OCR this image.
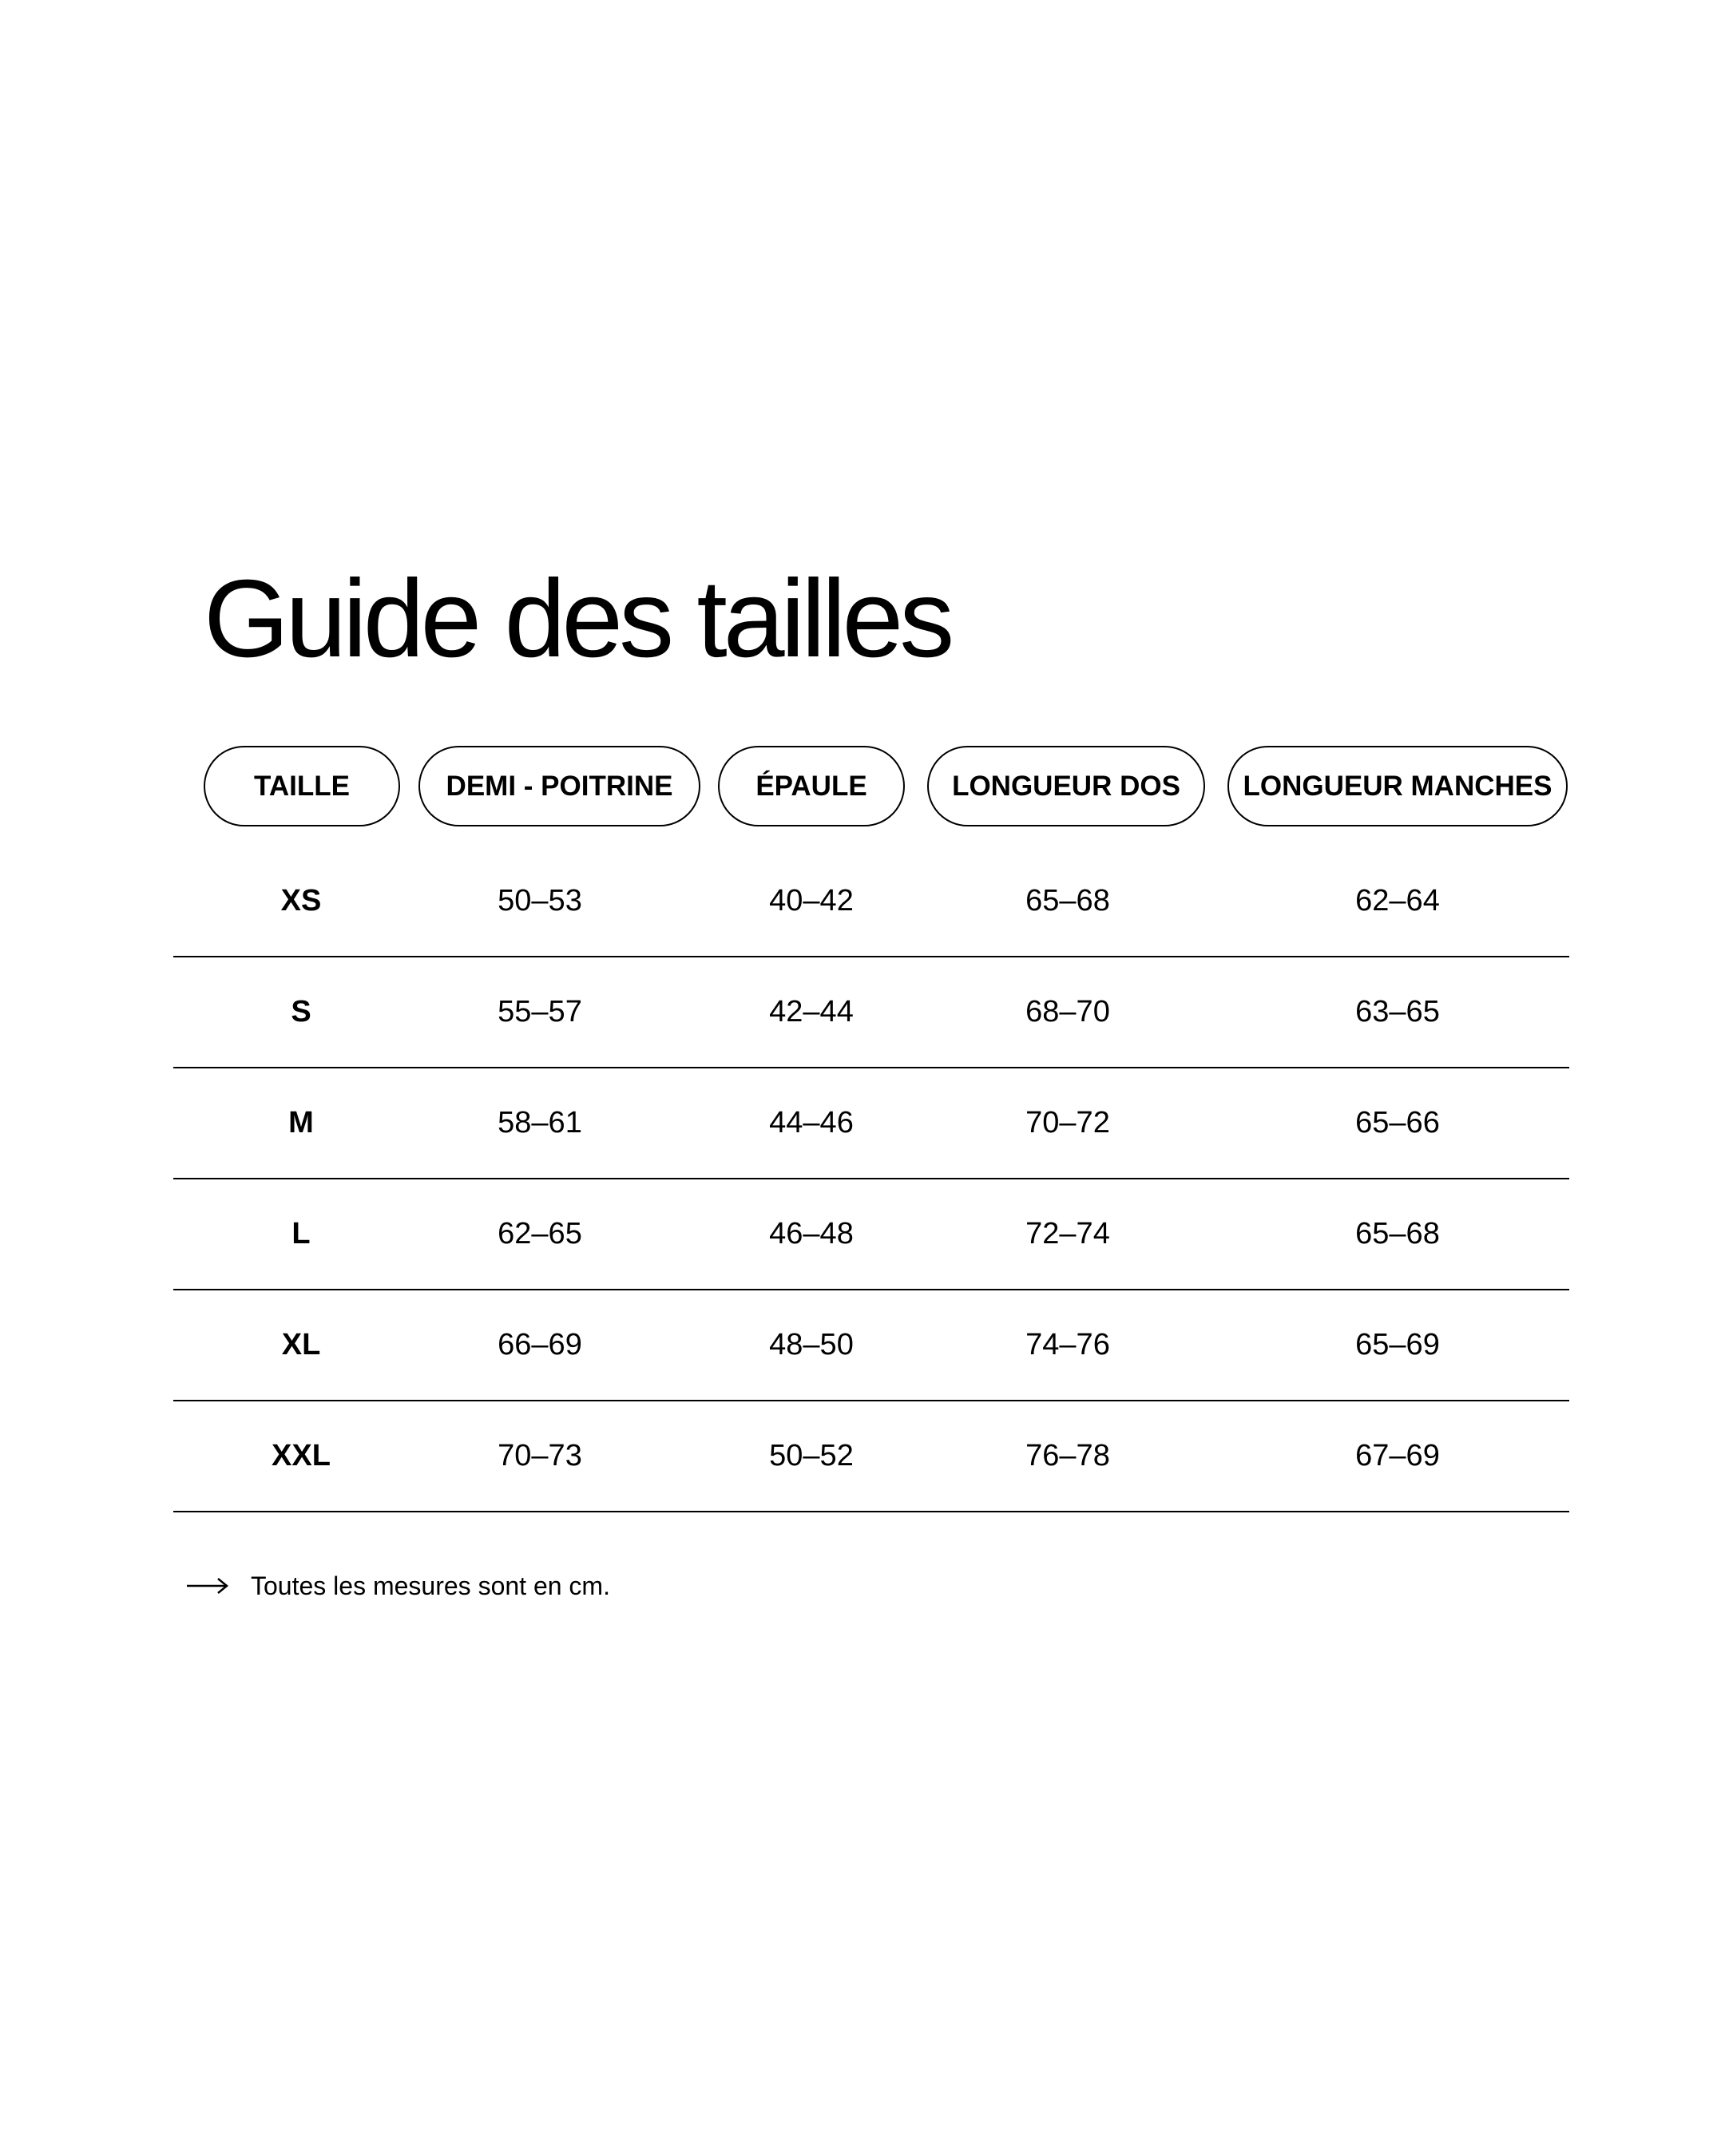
Guide des tailles
TAILLE	DEMI - POITRINE	ÉPAULE	LONGUEUR DOS	LONGUEUR MANCHES
XS	50–53	40–42	65–68	62–64
S	55–57	42–44	68–70	63–65
M	58–61	44–46	70–72	65–66
L	62–65	46–48	72–74	65–68
XL	66–69	48–50	74–76	65–69
XXL	70–73	50–52	76–78	67–69
Toutes les mesures sont en cm.
